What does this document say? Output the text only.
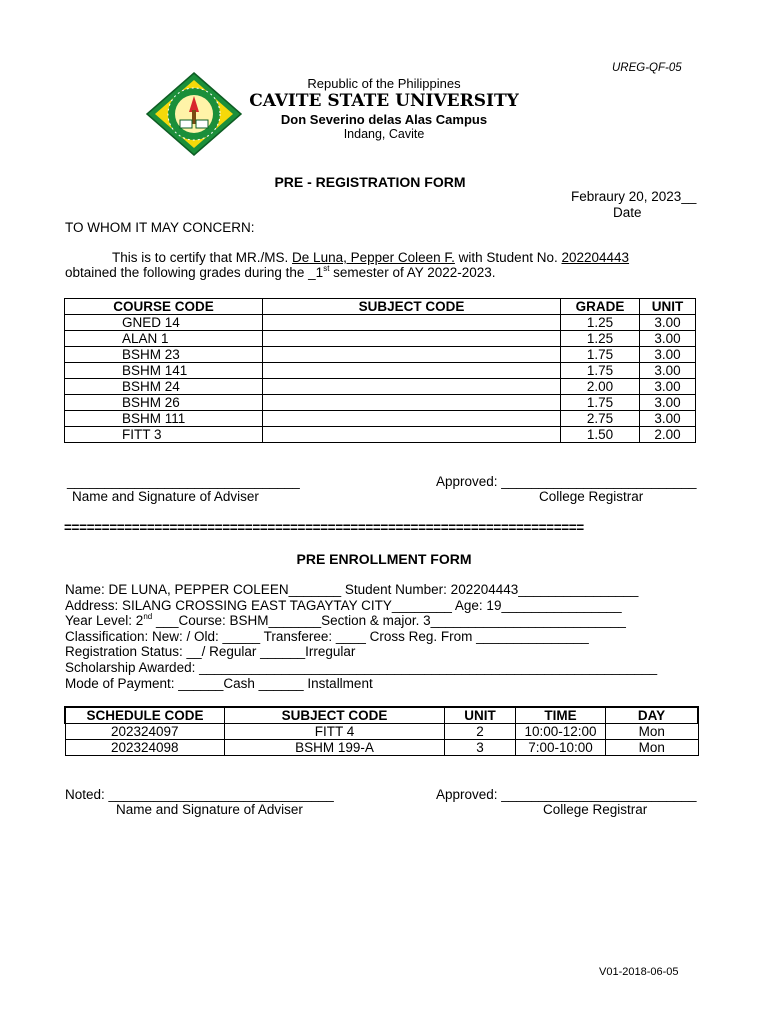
UREG-QF-05
Republic of the Philippines
CAVITE STATE UNIVERSITY
Don Severino delas Alas Campus
Indang, Cavite
PRE - REGISTRATION FORM
Febraury 20, 2023__
Date
TO WHOM IT MAY CONCERN:
This is to certify that MR./MS. De Luna, Pepper Coleen F. with Student No. 202204443
obtained the following grades during the _1st semester of AY 2022-2023.
COURSE CODE	SUBJECT CODE	GRADE	UNIT
GNED 14		1.25	3.00
ALAN 1		1.25	3.00
BSHM 23		1.75	3.00
BSHM 141		1.75	3.00
BSHM 24		2.00	3.00
BSHM 26		1.75	3.00
BSHM 111		2.75	3.00
FITT 3		1.50	2.00
_______________________________
Name and Signature of Adviser
Approved: __________________________
College Registrar
=====================================================================
PRE ENROLLMENT FORM
Name: DE LUNA, PEPPER COLEEN_______ Student Number: 202204443________________
Address: SILANG CROSSING EAST TAGAYTAY CITY________ Age: 19________________
Year Level: 2nd ___Course: BSHM_______Section & major. 3__________________________
Classification: New: / Old: _____ Transferee: ____ Cross Reg. From _______________
Registration Status: __/ Regular ______Irregular
Scholarship Awarded: _____________________________________________________________
Mode of Payment: ______Cash ______ Installment
SCHEDULE CODE	SUBJECT CODE	UNIT	TIME	DAY
202324097	FITT 4	2	10:00-12:00	Mon
202324098	BSHM 199-A	3	7:00-10:00	Mon
Noted: ______________________________
Name and Signature of Adviser
Approved: __________________________
College Registrar
V01-2018-06-05
